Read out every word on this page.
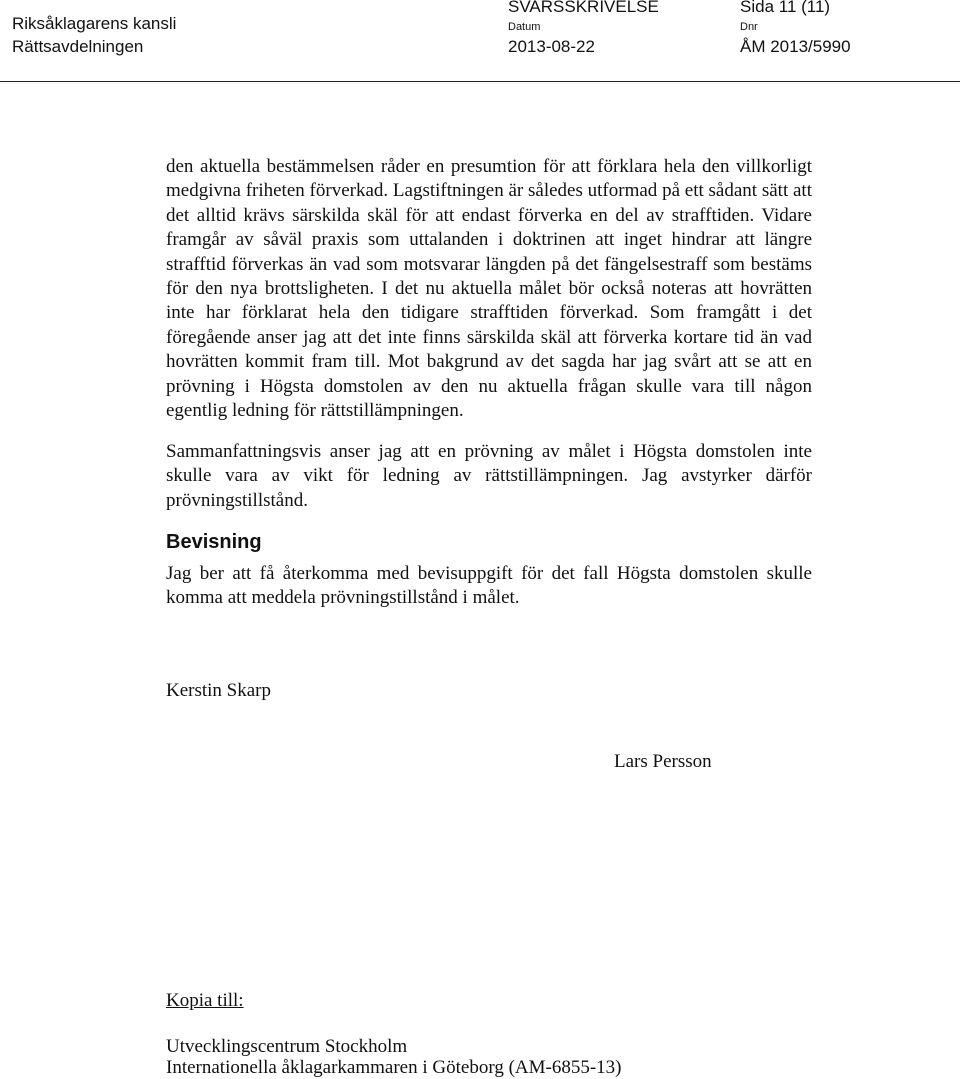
Riksåklagarens kansli
Rättsavdelningen
SVARSSKRIVELSE	Sida 11 (11)
Datum
2013-08-22
Dnr
ÅM 2013/5990

den aktuella bestämmelsen råder en presumtion för att förklara hela den villkorligt medgivna friheten förverkad. Lagstiftningen är således utformad på ett sådant sätt att det alltid krävs särskilda skäl för att endast förverka en del av strafftiden. Vidare framgår av såväl praxis som uttalanden i doktrinen att inget hindrar att längre strafftid förverkas än vad som motsvarar längden på det fängelsestraff som bestäms för den nya brottsligheten. I det nu aktuella målet bör också noteras att hovrätten inte har förklarat hela den tidigare strafftiden förverkad. Som framgått i det föregående anser jag att det inte finns särskilda skäl att förverka kortare tid än vad hovrätten kommit fram till. Mot bakgrund av det sagda har jag svårt att se att en prövning i Högsta domstolen av den nu aktuella frågan skulle vara till någon egentlig ledning för rättstillämpningen.

Sammanfattningsvis anser jag att en prövning av målet i Högsta domstolen inte skulle vara av vikt för ledning av rättstillämpningen. Jag avstyrker därför prövningstillstånd.

Bevisning

Jag ber att få återkomma med bevisuppgift för det fall Högsta domstolen skulle komma att meddela prövningstillstånd i målet.

Kerstin Skarp
Lars Persson
Kopia till:
Utvecklingscentrum Stockholm
Internationella åklagarkammaren i Göteborg (AM-6855-13)
